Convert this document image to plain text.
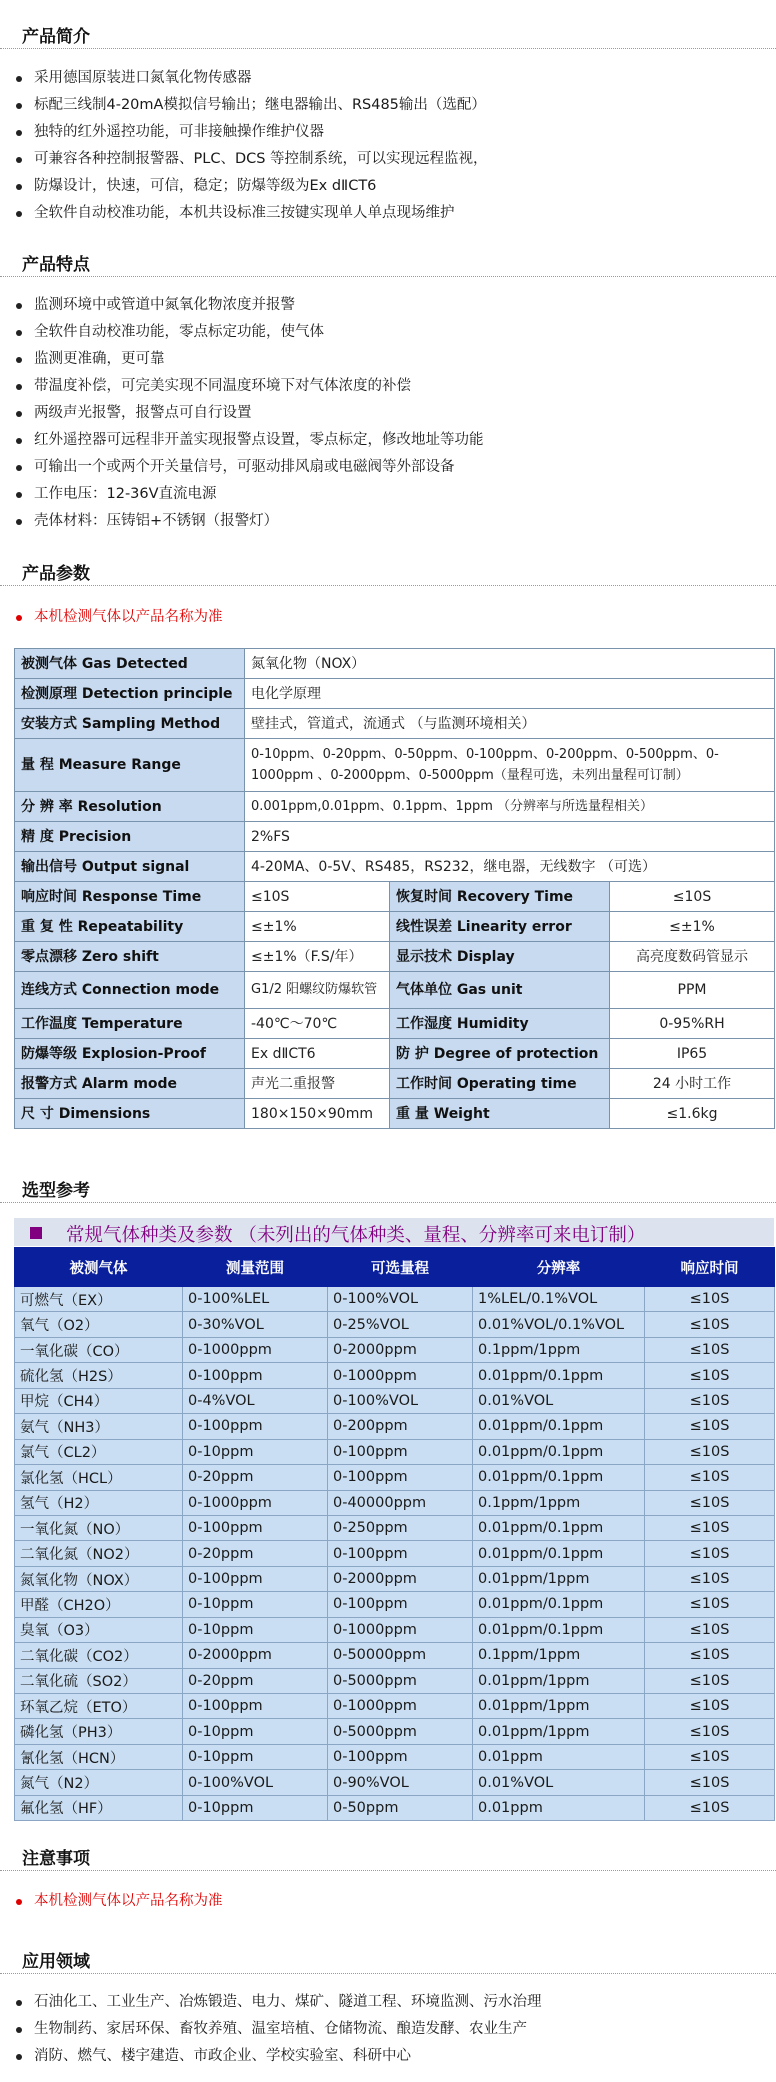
产品简介
采用德国原装进口氮氧化物传感器
标配三线制4-20mA模拟信号输出；继电器输出、RS485输出（选配）
独特的红外遥控功能，可非接触操作维护仪器
可兼容各种控制报警器、PLC、DCS 等控制系统，可以实现远程监视，
防爆设计，快速，可信，稳定；防爆等级为Ex dⅡCT6
全软件自动校准功能，本机共设标准三按键实现单人单点现场维护
产品特点
监测环境中或管道中氮氧化物浓度并报警
全软件自动校准功能，零点标定功能，使气体
监测更准确，更可靠
带温度补偿，可完美实现不同温度环境下对气体浓度的补偿
两级声光报警，报警点可自行设置
红外遥控器可远程非开盖实现报警点设置，零点标定，修改地址等功能
可输出一个或两个开关量信号，可驱动排风扇或电磁阀等外部设备
工作电压：12-36V直流电源
壳体材料：压铸铝+不锈钢（报警灯）
产品参数
本机检测气体以产品名称为准
被测气体 Gas Detected	氮氧化物（NOX）		
检测原理 Detection principle	电化学原理		
安装方式 Sampling Method	壁挂式，管道式，流通式 （与监测环境相关）		
量 程 Measure Range	0-10ppm、0-20ppm、0-50ppm、0-100ppm、0-200ppm、0-500ppm、0-1000ppm 、0-2000ppm、0-5000ppm（量程可选，未列出量程可订制）		
分 辨 率 Resolution	0.001ppm,0.01ppm、0.1ppm、1ppm （分辨率与所选量程相关）		
精 度 Precision	2%FS		
输出信号 Output signal	4-20MA、0-5V、RS485，RS232，继电器，无线数字 （可选）		
响应时间 Response Time	≤10S	恢复时间 Recovery Time	≤10S
重 复 性 Repeatability	≤±1%	线性误差 Linearity error	≤±1%
零点漂移 Zero shift	≤±1%（F.S/年）	显示技术 Display	高亮度数码管显示
连线方式 Connection mode	G1/2 阳螺纹防爆软管	气体单位 Gas unit	PPM
工作温度 Temperature	-40℃～70℃	工作湿度 Humidity	0-95%RH
防爆等级 Explosion-Proof	Ex dⅡCT6	防 护 Degree of protection	IP65
报警方式 Alarm mode	声光二重报警	工作时间 Operating time	24 小时工作
尺 寸 Dimensions	180×150×90mm	重 量 Weight	≤1.6kg
选型参考
常规气体种类及参数 （未列出的气体种类、量程、分辨率可来电订制）
被测气体	测量范围	可选量程	分辨率	响应时间
可燃气（EX）	0-100%LEL	0-100%VOL	1%LEL/0.1%VOL	≤10S
氧气（O2）	0-30%VOL	0-25%VOL	0.01%VOL/0.1%VOL	≤10S
一氧化碳（CO）	0-1000ppm	0-2000ppm	0.1ppm/1ppm	≤10S
硫化氢（H2S）	0-100ppm	0-1000ppm	0.01ppm/0.1ppm	≤10S
甲烷（CH4）	0-4%VOL	0-100%VOL	0.01%VOL	≤10S
氨气（NH3）	0-100ppm	0-200ppm	0.01ppm/0.1ppm	≤10S
氯气（CL2）	0-10ppm	0-100ppm	0.01ppm/0.1ppm	≤10S
氯化氢（HCL）	0-20ppm	0-100ppm	0.01ppm/0.1ppm	≤10S
氢气（H2）	0-1000ppm	0-40000ppm	0.1ppm/1ppm	≤10S
一氧化氮（NO）	0-100ppm	0-250ppm	0.01ppm/0.1ppm	≤10S
二氧化氮（NO2）	0-20ppm	0-100ppm	0.01ppm/0.1ppm	≤10S
氮氧化物（NOX）	0-100ppm	0-2000ppm	0.01ppm/1ppm	≤10S
甲醛（CH2O）	0-10ppm	0-100ppm	0.01ppm/0.1ppm	≤10S
臭氧（O3）	0-10ppm	0-1000ppm	0.01ppm/0.1ppm	≤10S
二氧化碳（CO2）	0-2000ppm	0-50000ppm	0.1ppm/1ppm	≤10S
二氧化硫（SO2）	0-20ppm	0-5000ppm	0.01ppm/1ppm	≤10S
环氧乙烷（ETO）	0-100ppm	0-1000ppm	0.01ppm/1ppm	≤10S
磷化氢（PH3）	0-10ppm	0-5000ppm	0.01ppm/1ppm	≤10S
氰化氢（HCN）	0-10ppm	0-100ppm	0.01ppm	≤10S
氮气（N2）	0-100%VOL	0-90%VOL	0.01%VOL	≤10S
氟化氢（HF）	0-10ppm	0-50ppm	0.01ppm	≤10S
注意事项
本机检测气体以产品名称为准
应用领域
石油化工、工业生产、冶炼锻造、电力、煤矿、隧道工程、环境监测、污水治理
生物制药、家居环保、畜牧养殖、温室培植、仓储物流、酿造发酵、农业生产
消防、燃气、楼宇建造、市政企业、学校实验室、科研中心
